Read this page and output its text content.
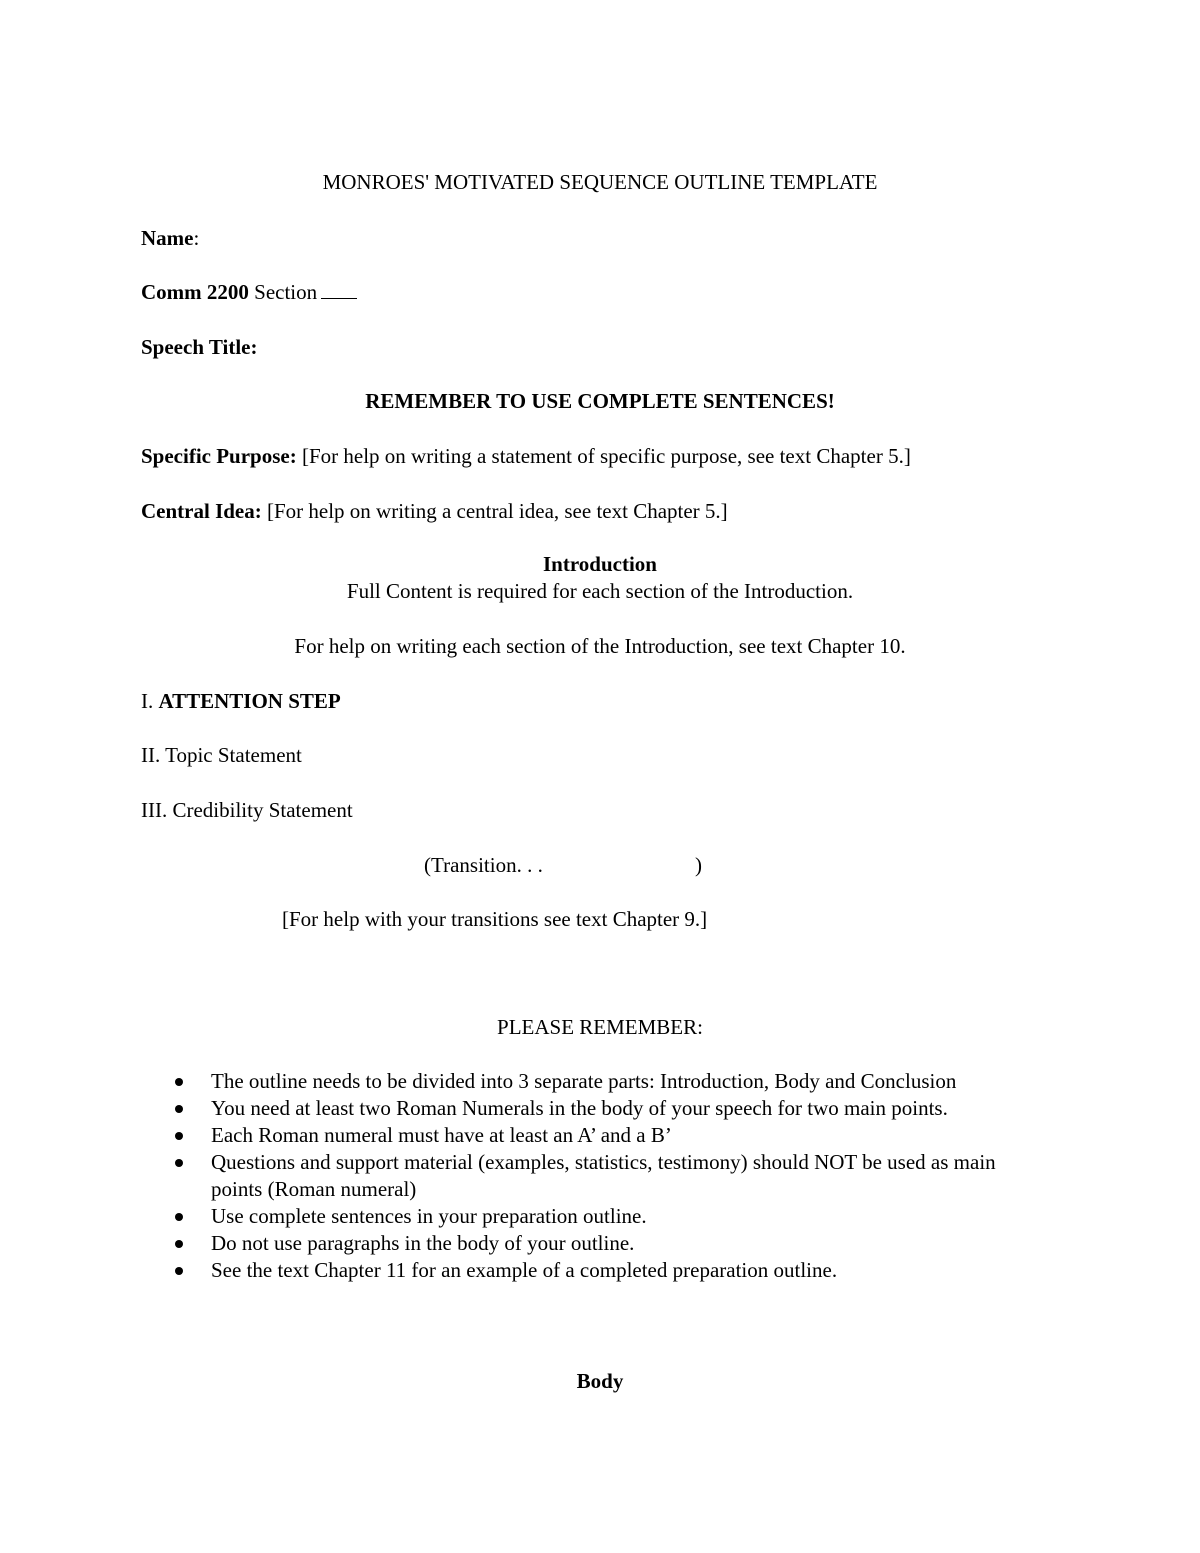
MONROES' MOTIVATED SEQUENCE OUTLINE TEMPLATE
Name:
Comm 2200 Section
Speech Title:
REMEMBER TO USE COMPLETE SENTENCES!
Specific Purpose: [For help on writing a statement of specific purpose, see text Chapter 5.]
Central Idea: [For help on writing a central idea, see text Chapter 5.]
Introduction
Full Content is required for each section of the Introduction.
For help on writing each section of the Introduction, see text Chapter 10.
I. ATTENTION STEP
II. Topic Statement
III. Credibility Statement
(Transition. . .	)
[For help with your transitions see text Chapter 9.]
PLEASE REMEMBER:
The outline needs to be divided into 3 separate parts: Introduction, Body and Conclusion
You need at least two Roman Numerals in the body of your speech for two main points.
Each Roman numeral must have at least an A’ and a B’
Questions and support material (examples, statistics, testimony) should NOT be used as main points (Roman numeral)
Use complete sentences in your preparation outline.
Do not use paragraphs in the body of your outline.
See the text Chapter 11 for an example of a completed preparation outline.
Body
